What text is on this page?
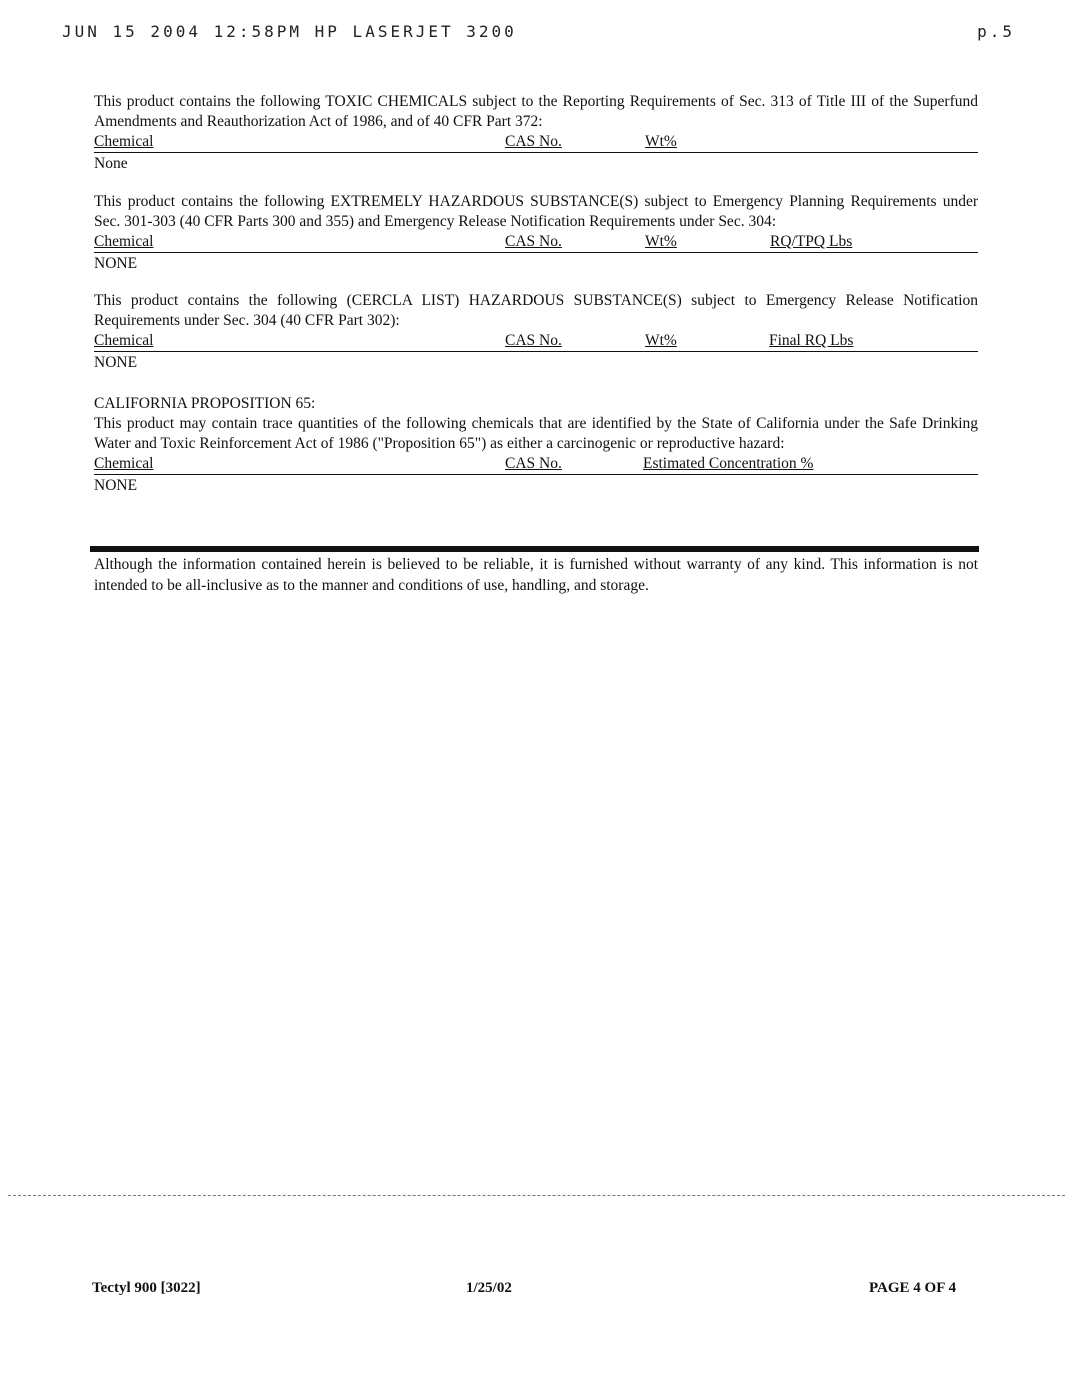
JUN 15 2004 12:58PM HP LASERJET 3200	p.5

This product contains the following TOXIC CHEMICALS subject to the Reporting Requirements of Sec. 313 of Title III of the Superfund Amendments and Reauthorization Act of 1986, and of 40 CFR Part 372:

Chemical	CAS No.	Wt%
None

This product contains the following EXTREMELY HAZARDOUS SUBSTANCE(S) subject to Emergency Planning Requirements under Sec. 301-303 (40 CFR Parts 300 and 355) and Emergency Release Notification Requirements under Sec. 304:

Chemical	CAS No.	Wt%	RQ/TPQ Lbs
NONE

This product contains the following (CERCLA LIST) HAZARDOUS SUBSTANCE(S) subject to Emergency Release Notification Requirements under Sec. 304 (40 CFR Part 302):

Chemical	CAS No.	Wt%	Final RQ Lbs
NONE

CALIFORNIA PROPOSITION 65:

This product may contain trace quantities of the following chemicals that are identified by the State of California under the Safe Drinking Water and Toxic Reinforcement Act of 1986 ("Proposition 65") as either a carcinogenic or reproductive hazard:

Chemical	CAS No.	Estimated Concentration %
NONE
Although the information contained herein is believed to be reliable, it is furnished without warranty of any kind. This information is not intended to be all-inclusive as to the manner and conditions of use, handling, and storage.
Tectyl 900 [3022]	1/25/02	PAGE 4 OF 4
